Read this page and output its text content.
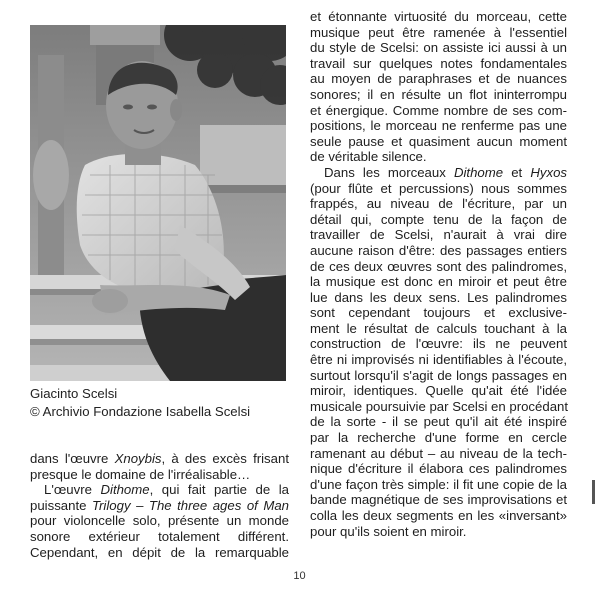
Giacinto Scelsi
© Archivio Fondazione Isabella Scelsi
dans l'œuvre Xnoybis, à des excès frisant
presque le domaine de l'irréalisable…
L'œuvre Dithome, qui fait partie de la
puissante Trilogy – The three ages of Man
pour violoncelle solo, présente un monde
sonore extérieur totalement différent.
Cependant, en dépit de la remarquable
et étonnante virtuosité du morceau, cette
musique peut être ramenée à l'essentiel
du style de Scelsi: on assiste ici aussi à un
travail sur quelques notes fondamentales
au moyen de paraphrases et de nuances
sonores; il en résulte un flot ininterrompu
et énergique. Comme nombre de ses com-
positions, le morceau ne renferme pas une
seule pause et quasiment aucun moment
de véritable silence.
Dans les morceaux Dithome et Hyxos
(pour flûte et percussions) nous sommes
frappés, au niveau de l'écriture, par un
détail qui, compte tenu de la façon de
travailler de Scelsi, n'aurait à vrai dire
aucune raison d'être: des passages entiers
de ces deux œuvres sont des palindromes,
la musique est donc en miroir et peut être
lue dans les deux sens. Les palindromes
sont cependant toujours et exclusive-
ment le résultat de calculs touchant à la
construction de l'œuvre: ils ne peuvent
être ni improvisés ni identifiables à l'écoute,
surtout lorsqu'il s'agit de longs passages en
miroir, identiques. Quelle qu'ait été l'idée
musicale poursuivie par Scelsi en procédant
de la sorte - il se peut qu'il ait été inspiré
par la recherche d'une forme en cercle
ramenant au début – au niveau de la tech-
nique d'écriture il élabora ces palindromes
d'une façon très simple: il fit une copie de la
bande magnétique de ses improvisations et
colla les deux segments en les «inversant»
pour qu'ils soient en miroir.
10
